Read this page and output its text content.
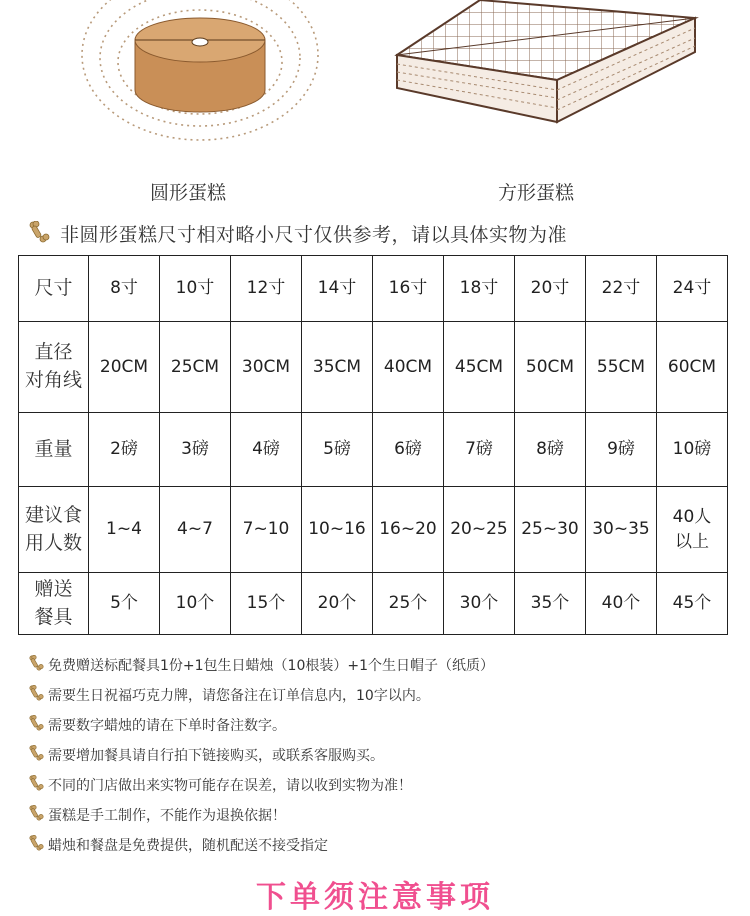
圆形蛋糕	方形蛋糕
非圆形蛋糕尺寸相对略小尺寸仅供参考，请以具体实物为准
尺寸	8寸	10寸	12寸	14寸	16寸	18寸	20寸	22寸	24寸
直径
对角线	20CM	25CM	30CM	35CM	40CM	45CM	50CM	55CM	60CM
重量	2磅	3磅	4磅	5磅	6磅	7磅	8磅	9磅	10磅
建议食
用人数	1~4	4~7	7~10	10~16	16~20	20~25	25~30	30~35	40人
以上
赠送
餐具	5个	10个	15个	20个	25个	30个	35个	40个	45个
免费赠送标配餐具1份+1包生日蜡烛（10根装）+1个生日帽子（纸质）
需要生日祝福巧克力牌，请您备注在订单信息内，10字以内。
需要数字蜡烛的请在下单时备注数字。
需要增加餐具请自行拍下链接购买，或联系客服购买。
不同的门店做出来实物可能存在误差，请以收到实物为准！
蛋糕是手工制作，不能作为退换依据！
蜡烛和餐盘是免费提供，随机配送不接受指定
下单须注意事项
